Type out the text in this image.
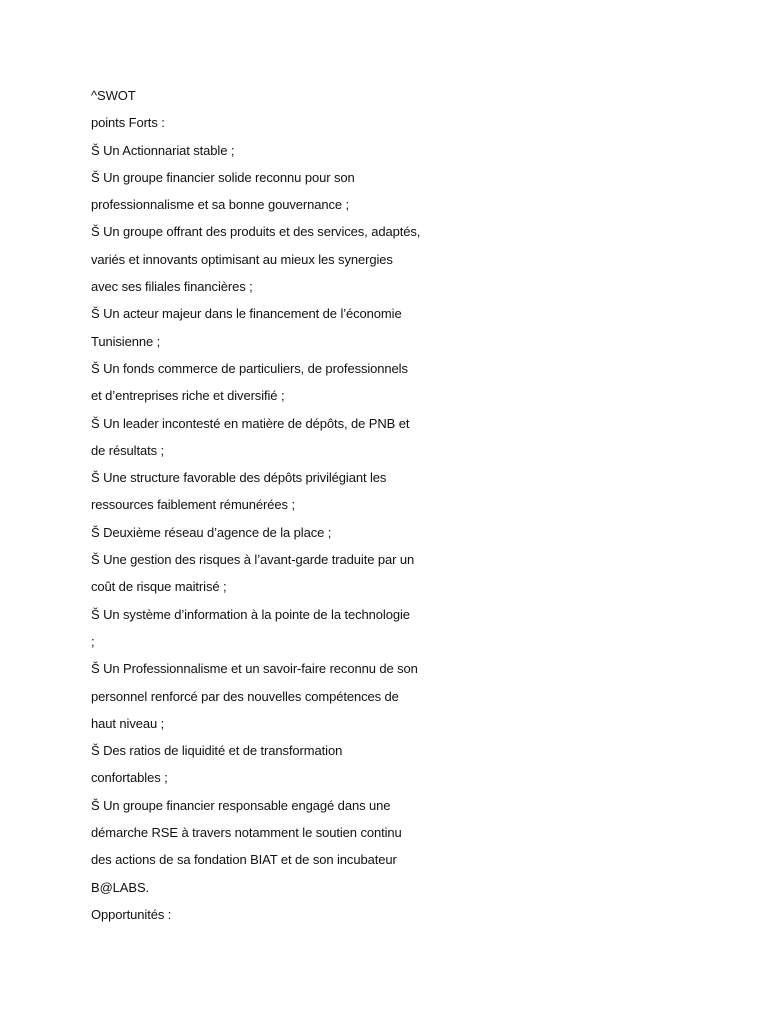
^SWOT
points Forts :
Š Un Actionnariat stable ;
Š Un groupe financier solide reconnu pour son
professionnalisme et sa bonne gouvernance ;
Š Un groupe offrant des produits et des services, adaptés,
variés et innovants optimisant au mieux les synergies
avec ses filiales financières ;
Š Un acteur majeur dans le financement de l’économie
Tunisienne ;
Š Un fonds commerce de particuliers, de professionnels
et d’entreprises riche et diversifié ;
Š Un leader incontesté en matière de dépôts, de PNB et
de résultats ;
Š Une structure favorable des dépôts privilégiant les
ressources faiblement rémunérées ;
Š Deuxième réseau d’agence de la place ;
Š Une gestion des risques à l’avant-garde traduite par un
coût de risque maitrisé ;
Š Un système d’information à la pointe de la technologie
;
Š Un Professionnalisme et un savoir-faire reconnu de son
personnel renforcé par des nouvelles compétences de
haut niveau ;
Š Des ratios de liquidité et de transformation
confortables ;
Š Un groupe financier responsable engagé dans une
démarche RSE à travers notamment le soutien continu
des actions de sa fondation BIAT et de son incubateur
B@LABS.
Opportunités :
